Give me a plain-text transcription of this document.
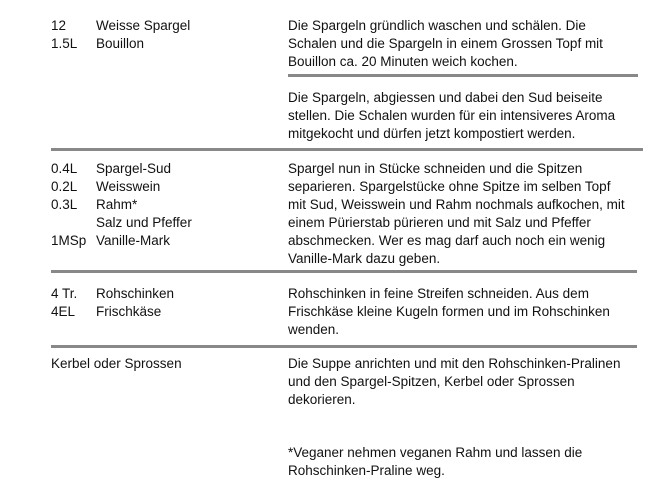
12 Weisse Spargel
1.5L Bouillon
Die Spargeln gründlich waschen und schälen. Die
Schalen und die Spargeln in einem Grossen Topf mit
Bouillon ca. 20 Minuten weich kochen.
Die Spargeln, abgiessen und dabei den Sud beiseite
stellen. Die Schalen wurden für ein intensiveres Aroma
mitgekocht und dürfen jetzt kompostiert werden.
0.4L Spargel-Sud
0.2L Weisswein
0.3L Rahm*
Salz und Pfeffer
1MSp Vanille-Mark
Spargel nun in Stücke schneiden und die Spitzen
separieren. Spargelstücke ohne Spitze im selben Topf
mit Sud, Weisswein und Rahm nochmals aufkochen, mit
einem Pürierstab pürieren und mit Salz und Pfeffer
abschmecken. Wer es mag darf auch noch ein wenig
Vanille-Mark dazu geben.
4 Tr. Rohschinken
4EL Frischkäse
Rohschinken in feine Streifen schneiden. Aus dem
Frischkäse kleine Kugeln formen und im Rohschinken
wenden.
Kerbel oder Sprossen	Die Suppe anrichten und mit den Rohschinken-Pralinen
und den Spargel-Spitzen, Kerbel oder Sprossen
dekorieren.
*Veganer nehmen veganen Rahm und lassen die
Rohschinken-Praline weg.
